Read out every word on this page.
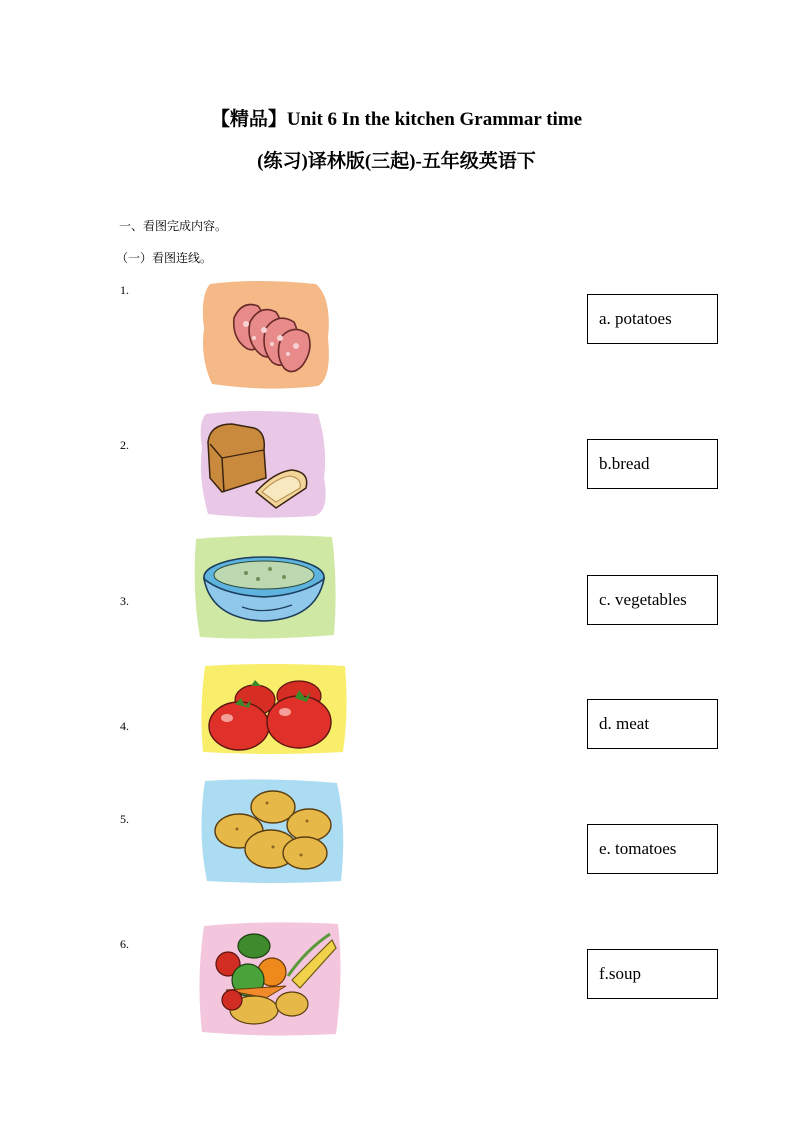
【精品】Unit 6 In the kitchen Grammar time
(练习)译林版(三起)-五年级英语下
一、看图完成内容。
（一）看图连线。
1.
2.
3.
4.
5.
6.
a. potatoes
b.bread
c. vegetables
d. meat
e. tomatoes
f.soup
